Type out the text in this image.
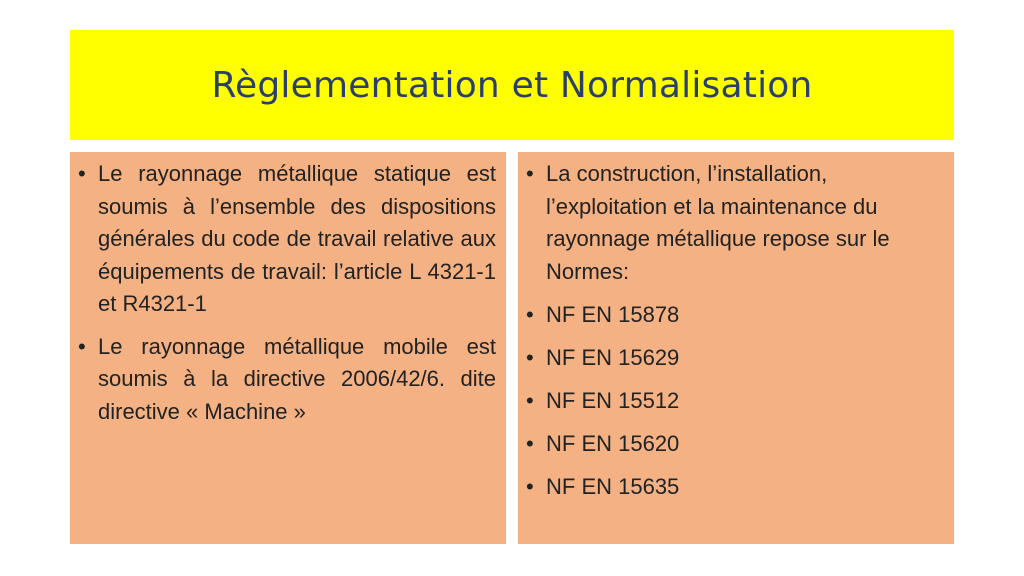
Règlementation et Normalisation
• Le rayonnage métallique statique est soumis à l’ensemble des dispositions générales du code de travail relative aux équipements de travail: l’article L 4321-1 et R4321-1
• Le rayonnage métallique mobile est soumis à la directive 2006/42/6. dite directive « Machine »
• La construction, l’installation, l’exploitation et la maintenance du rayonnage métallique repose sur le Normes:
• NF EN 15878
• NF EN 15629
• NF EN 15512
• NF EN 15620
• NF EN 15635
